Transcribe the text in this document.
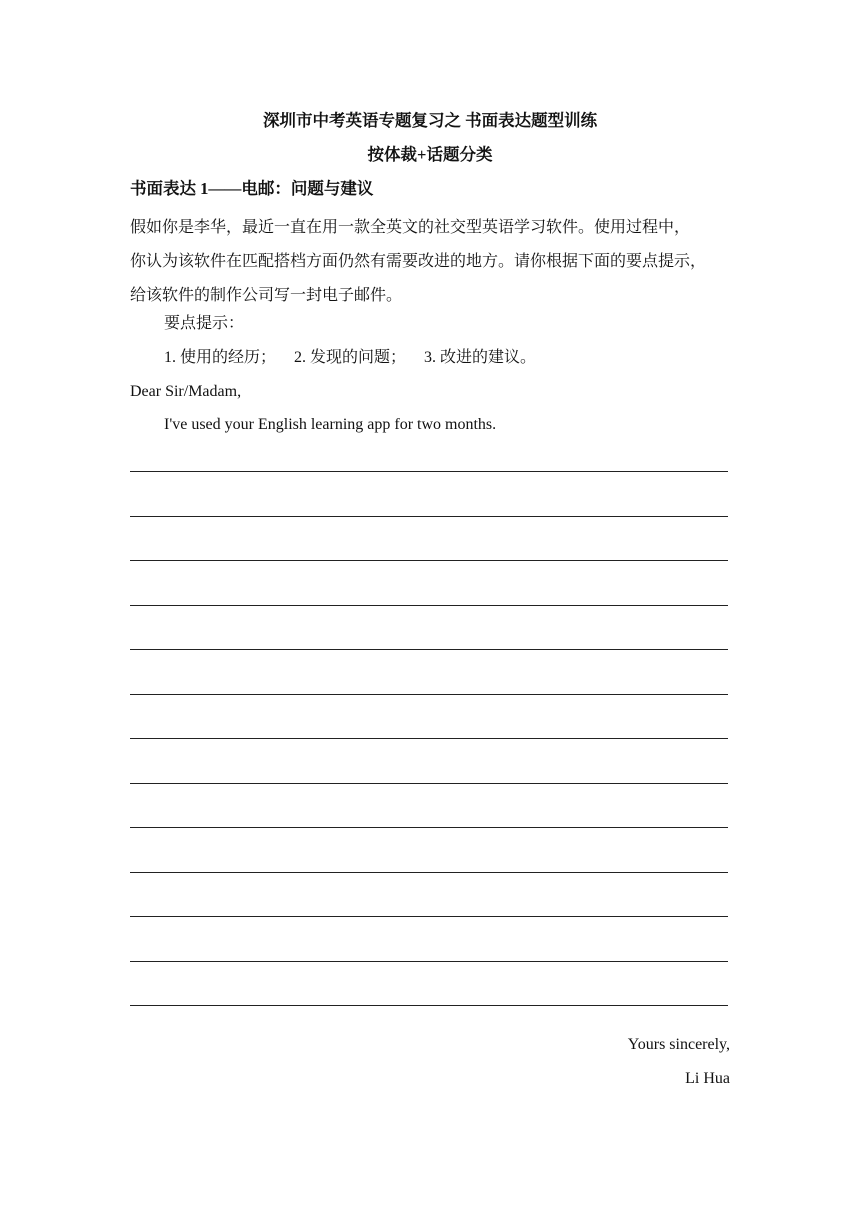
深圳市中考英语专题复习之 书面表达题型训练
按体裁+话题分类
书面表达 1——电邮：问题与建议
假如你是李华，最近一直在用一款全英文的社交型英语学习软件。使用过程中，
你认为该软件在匹配搭档方面仍然有需要改进的地方。请你根据下面的要点提示，
给该软件的制作公司写一封电子邮件。
要点提示：
1. 使用的经历； 2. 发现的问题； 3. 改进的建议。
Dear Sir/Madam,
I've used your English learning app for two months.
Yours sincerely,
Li Hua
